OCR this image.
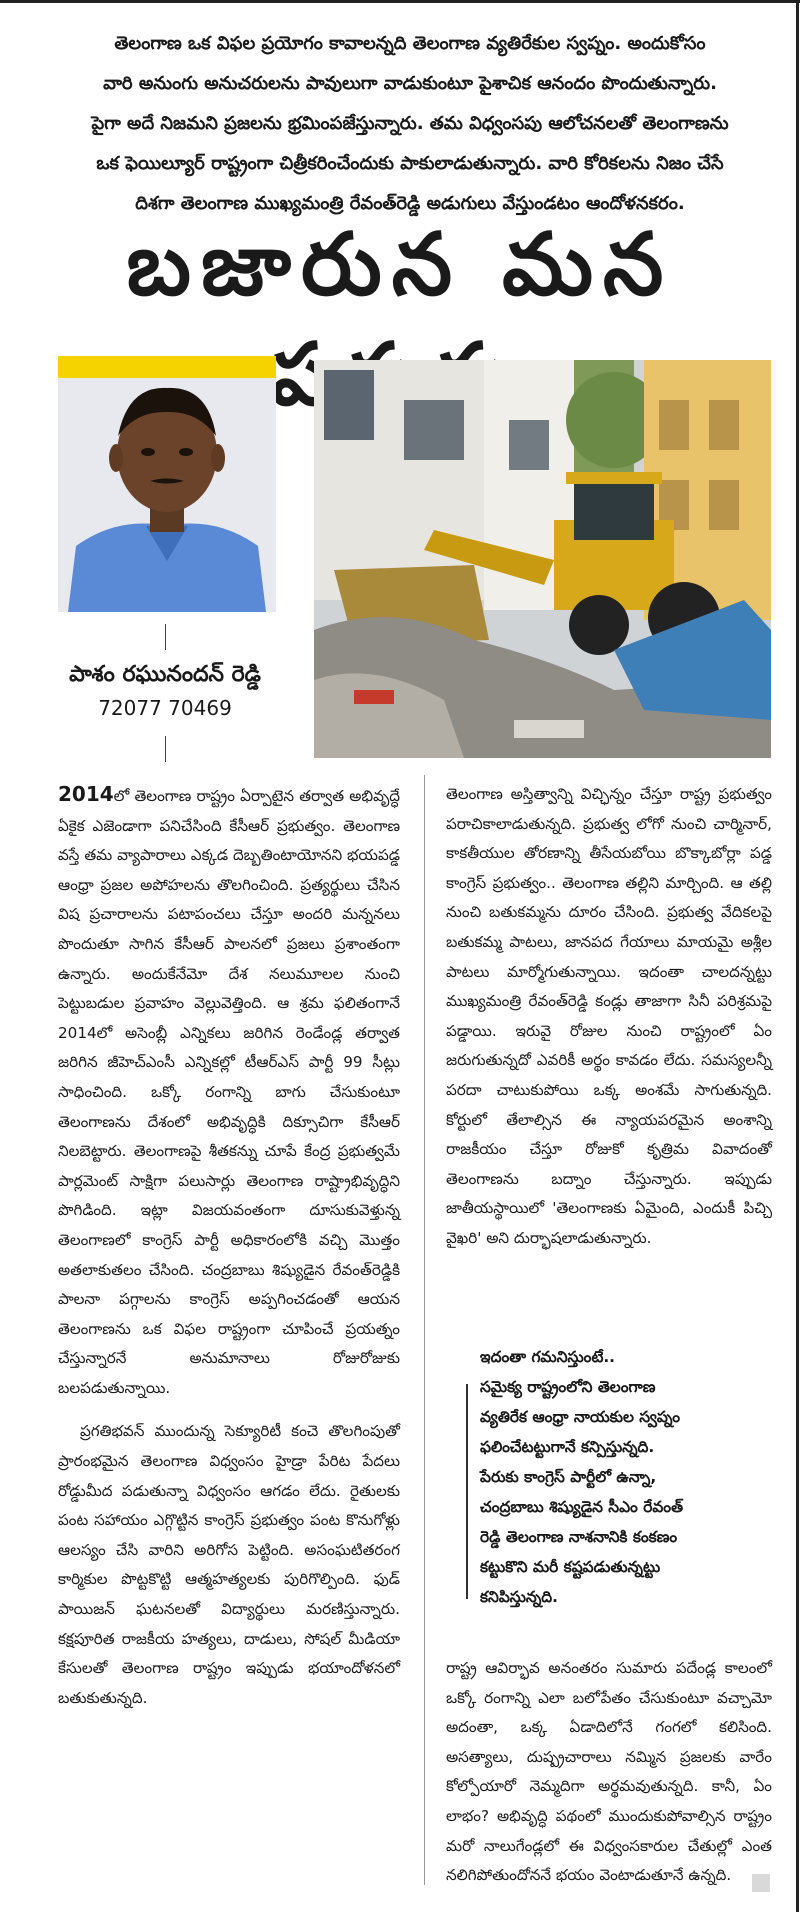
తెలంగాణ ఒక విఫల ప్రయోగం కావాలన్నది తెలంగాణ వ్యతిరేకుల స్వప్నం. అందుకోసం
వారి అనుంగు అనుచరులను పావులుగా వాడుకుంటూ పైశాచిక ఆనందం పొందుతున్నారు.
పైగా అదే నిజమని ప్రజలను భ్రమింపజేస్తున్నారు. తమ విధ్వంసపు ఆలోచనలతో తెలంగాణను
ఒక ఫెయిల్యూర్ రాష్ట్రంగా చిత్రీకరించేందుకు పాకులాడుతున్నారు. వారి కోరికలను నిజం చేసే
దిశగా తెలంగాణ ముఖ్యమంత్రి రేవంత్‌రెడ్డి అడుగులు వేస్తుండటం ఆందోళనకరం.
బజారున మన
పాశం రఘునందన్ రెడ్డి
72077 70469

2014లో తెలంగాణ రాష్ట్రం ఏర్పాటైన తర్వాత అభివృద్ధే ఏకైక ఎజెండాగా పనిచేసింది కేసీఆర్ ప్రభుత్వం. తెలంగాణ వస్తే తమ వ్యాపారాలు ఎక్కడ దెబ్బతింటాయోనని భయపడ్డ ఆంధ్రా ప్రజల అపోహలను తొలగించింది. ప్రత్యర్థులు చేసిన విష ప్రచారాలను పటాపంచలు చేస్తూ అందరి మన్ననలు పొందుతూ సాగిన కేసీఆర్ పాలనలో ప్రజలు ప్రశాంతంగా ఉన్నారు. అందుకేనేమో దేశ నలుమూలల నుంచి పెట్టుబడుల ప్రవాహం వెల్లువెత్తింది. ఆ శ్రమ ఫలితంగానే 2014లో అసెంబ్లీ ఎన్నికలు జరిగిన రెండేండ్ల తర్వాత జరిగిన జీహెచ్ఎంసీ ఎన్నికల్లో టీఆర్ఎస్ పార్టీ 99 సీట్లు సాధించింది. ఒక్కో రంగాన్ని బాగు చేసుకుంటూ తెలంగాణను దేశంలో అభివృద్ధికి దిక్సూచిగా కేసీఆర్ నిలబెట్టారు. తెలంగాణపై శీతకన్ను చూపే కేంద్ర ప్రభుత్వమే పార్లమెంట్ సాక్షిగా పలుసార్లు తెలంగాణ రాష్ట్రాభివృద్ధిని పొగిడింది. ఇట్లా విజయవంతంగా దూసుకువెళ్తున్న తెలంగాణలో కాంగ్రెస్ పార్టీ అధికారంలోకి వచ్చి మొత్తం అతలాకుతలం చేసింది. చంద్రబాబు శిష్యుడైన రేవంత్‌రెడ్డికి పాలనా పగ్గాలను కాంగ్రెస్ అప్పగించడంతో ఆయన తెలంగాణను ఒక విఫల రాష్ట్రంగా చూపించే ప్రయత్నం చేస్తున్నారనే అనుమానాలు రోజురోజుకు బలపడుతున్నాయి.

ప్రగతిభవన్ ముందున్న సెక్యూరిటీ కంచె తొలగింపుతో ప్రారంభమైన తెలంగాణ విధ్వంసం హైడ్రా పేరిట పేదలు రోడ్డుమీద పడుతున్నా విధ్వంసం ఆగడం లేదు. రైతులకు పంట సహాయం ఎగ్గొట్టిన కాంగ్రెస్ ప్రభుత్వం పంట కొనుగోళ్లు ఆలస్యం చేసి వారిని అరిగోస పెట్టింది. అసంఘటితరంగ కార్మికుల పొట్టకొట్టి ఆత్మహత్యలకు పురిగొల్పింది. ఫుడ్ పాయిజన్ ఘటనలతో విద్యార్థులు మరణిస్తున్నారు. కక్షపూరిత రాజకీయ హత్యలు, దాడులు, సోషల్ మీడియా కేసులతో తెలంగాణ రాష్ట్రం ఇప్పుడు భయాందోళనలో బతుకుతున్నది.

తెలంగాణ అస్తిత్వాన్ని విచ్ఛిన్నం చేస్తూ రాష్ట్ర ప్రభుత్వం పరాచికాలాడుతున్నది. ప్రభుత్వ లోగో నుంచి చార్మినార్, కాకతీయుల తోరణాన్ని తీసేయబోయి బొక్కాబోర్లా పడ్డ కాంగ్రెస్ ప్రభుత్వం.. తెలంగాణ తల్లిని మార్చింది. ఆ తల్లి నుంచి బతుకమ్మను దూరం చేసింది. ప్రభుత్వ వేదికలపై బతుకమ్మ పాటలు, జానపద గేయాలు మాయమై అశ్లీల పాటలు మార్మోగుతున్నాయి. ఇదంతా చాలదన్నట్టు ముఖ్యమంత్రి రేవంత్‌రెడ్డి కండ్లు తాజాగా సినీ పరిశ్రమపై పడ్డాయి. ఇరువై రోజుల నుంచి రాష్ట్రంలో ఏం జరుగుతున్నదో ఎవరికీ అర్థం కావడం లేదు. సమస్యలన్నీ పరదా చాటుకుపోయి ఒక్క అంశమే సాగుతున్నది. కోర్టులో తేలాల్సిన ఈ న్యాయపరమైన అంశాన్ని రాజకీయం చేస్తూ రోజుకో కృత్రిమ వివాదంతో తెలంగాణను బద్నాం చేస్తున్నారు. ఇప్పుడు జాతీయస్థాయిలో 'తెలంగాణకు ఏమైంది, ఎందుకీ పిచ్చి వైఖరి' అని దుర్భాషలాడుతున్నారు.

ఇదంతా గమనిస్తుంటే..
సమైక్య రాష్ట్రంలోని తెలంగాణ
వ్యతిరేక ఆంధ్రా నాయకుల స్వప్నం
ఫలించేటట్టుగానే కన్పిస్తున్నది.
పేరుకు కాంగ్రెస్ పార్టీలో ఉన్నా,
చంద్రబాబు శిష్యుడైన సీఎం రేవంత్
రెడ్డి తెలంగాణ నాశనానికి కంకణం
కట్టుకొని మరీ కష్టపడుతున్నట్టు
కనిపిస్తున్నది.

రాష్ట్ర ఆవిర్భావ అనంతరం సుమారు పదేండ్ల కాలంలో ఒక్కో రంగాన్ని ఎలా బలోపేతం చేసుకుంటూ వచ్చామో అదంతా, ఒక్క ఏడాదిలోనే గంగలో కలిసింది. అసత్యాలు, దుష్ప్రచారాలు నమ్మిన ప్రజలకు వారేం కోల్పోయారో నెమ్మదిగా అర్థమవుతున్నది. కానీ, ఏం లాభం? అభివృద్ధి పథంలో ముందుకుపోవాల్సిన రాష్ట్రం మరో నాలుగేండ్లలో ఈ విధ్వంసకారుల చేతుల్లో ఎంత నలిగిపోతుందోననే భయం వెంటాడుతూనే ఉన్నది.
